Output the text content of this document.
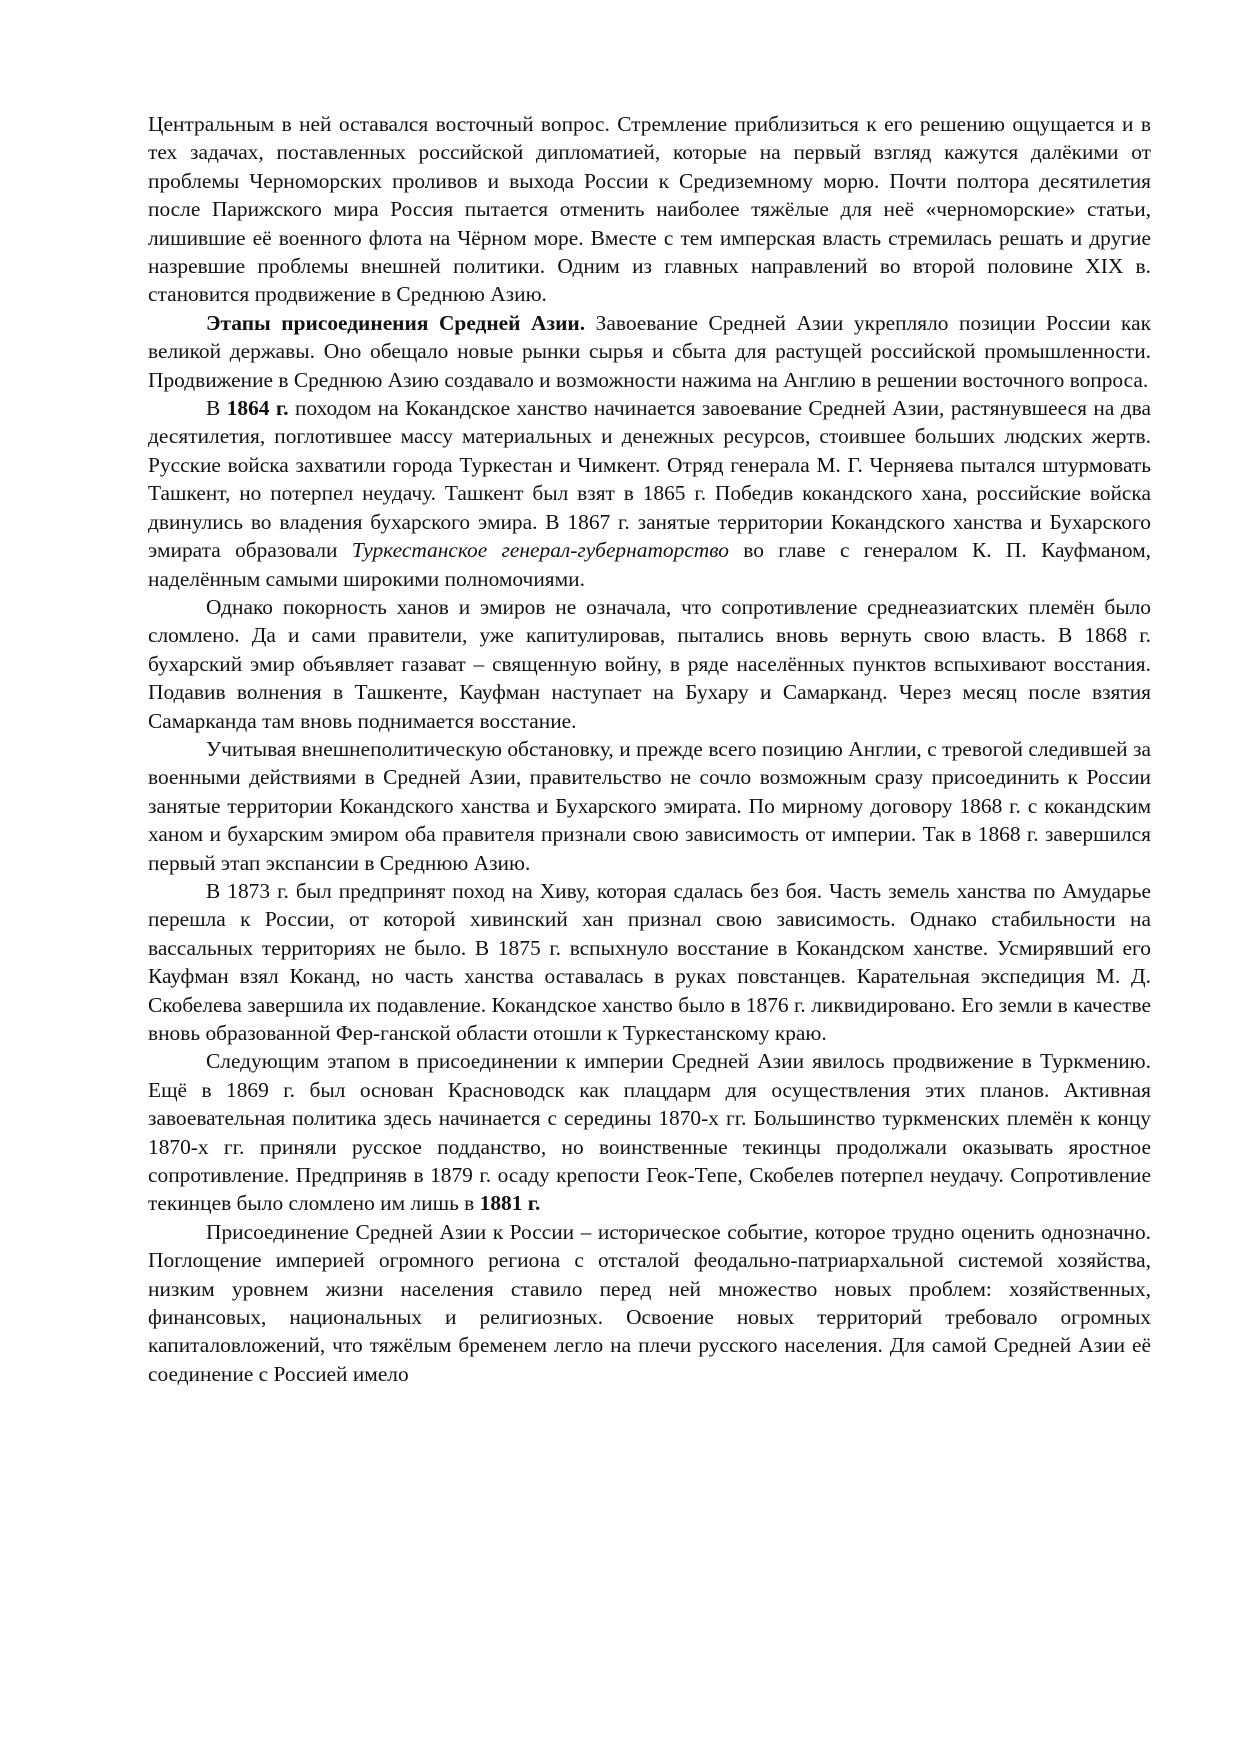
Центральным в ней оставался восточный вопрос. Стремление приблизиться к его решению ощущается и в тех задачах, поставленных российской дипломатией, которые на первый взгляд кажутся далёкими от проблемы Черноморских проливов и выхода России к Средиземному морю. Почти полтора десятилетия после Парижского мира Россия пытается отменить наиболее тяжёлые для неё «черноморские» статьи, лишившие её военного флота на Чёрном море. Вместе с тем имперская власть стремилась решать и другие назревшие проблемы внешней политики. Одним из главных направлений во второй половине XIX в. становится продвижение в Среднюю Азию.

Этапы присоединения Средней Азии. Завоевание Средней Азии укрепляло позиции России как великой державы. Оно обещало новые рынки сырья и сбыта для растущей российской промышленности. Продвижение в Среднюю Азию создавало и возможности нажима на Англию в решении восточного вопроса.

В 1864 г. походом на Кокандское ханство начинается завоевание Средней Азии, растянувшееся на два десятилетия, поглотившее массу материальных и денежных ресурсов, стоившее больших людских жертв. Русские войска захватили города Туркестан и Чимкент. Отряд генерала М. Г. Черняева пытался штурмовать Ташкент, но потерпел неудачу. Ташкент был взят в 1865 г. Победив кокандского хана, российские войска двинулись во владения бухарского эмира. В 1867 г. занятые территории Кокандского ханства и Бухарского эмирата образовали Туркестанское генерал-губернаторство во главе с генералом К. П. Кауфманом, наделённым самыми широкими полномочиями.

Однако покорность ханов и эмиров не означала, что сопротивление среднеазиатских племён было сломлено. Да и сами правители, уже капитулировав, пытались вновь вернуть свою власть. В 1868 г. бухарский эмир объявляет газават – священную войну, в ряде населённых пунктов вспыхивают восстания. Подавив волнения в Ташкенте, Кауфман наступает на Бухару и Самарканд. Через месяц после взятия Самарканда там вновь поднимается восстание.

Учитывая внешнеполитическую обстановку, и прежде всего позицию Англии, с тревогой следившей за военными действиями в Средней Азии, правительство не сочло возможным сразу присоединить к России занятые территории Кокандского ханства и Бухарского эмирата. По мирному договору 1868 г. с кокандским ханом и бухарским эмиром оба правителя признали свою зависимость от империи. Так в 1868 г. завершился первый этап экспансии в Среднюю Азию.

В 1873 г. был предпринят поход на Хиву, которая сдалась без боя. Часть земель ханства по Амударье перешла к России, от которой хивинский хан признал свою зависимость. Однако стабильности на вассальных территориях не было. В 1875 г. вспыхнуло восстание в Кокандском ханстве. Усмирявший его Кауфман взял Коканд, но часть ханства оставалась в руках повстанцев. Карательная экспедиция М. Д. Скобелева завершила их подавление. Кокандское ханство было в 1876 г. ликвидировано. Его земли в качестве вновь образованной Фер-ганской области отошли к Туркестанскому краю.

Следующим этапом в присоединении к империи Средней Азии явилось продвижение в Туркмению. Ещё в 1869 г. был основан Красноводск как плацдарм для осуществления этих планов. Активная завоевательная политика здесь начинается с середины 1870-х гг. Большинство туркменских племён к концу 1870-х гг. приняли русское подданство, но воинственные текинцы продолжали оказывать яростное сопротивление. Предприняв в 1879 г. осаду крепости Геок-Тепе, Скобелев потерпел неудачу. Сопротивление текинцев было сломлено им лишь в 1881 г.

Присоединение Средней Азии к России – историческое событие, которое трудно оценить однозначно. Поглощение империей огромного региона с отсталой феодально-патриархальной системой хозяйства, низким уровнем жизни населения ставило перед ней множество новых проблем: хозяйственных, финансовых, национальных и религиозных. Освоение новых территорий требовало огромных капиталовложений, что тяжёлым бременем легло на плечи русского населения. Для самой Средней Азии её соединение с Россией имело
